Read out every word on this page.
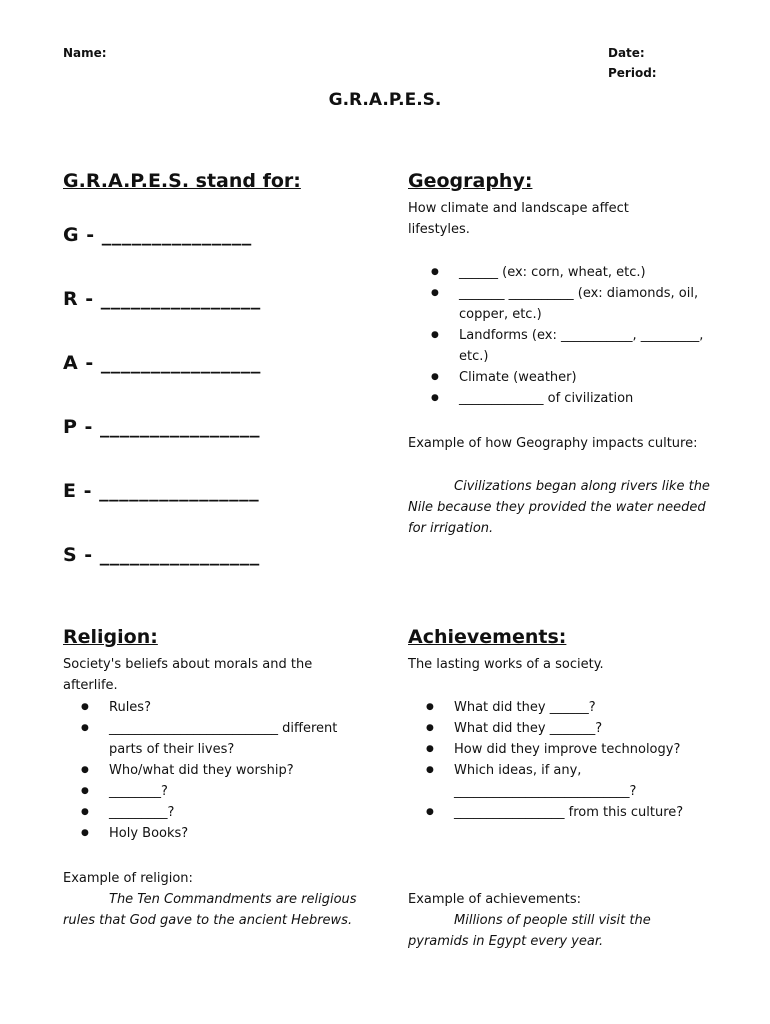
Name:	Date:
Period:
G.R.A.P.E.S.
G.R.A.P.E.S. stand for:
G - _______________
R - ________________
A - ________________
P - ________________
E - ________________
S - ________________
Geography:
How climate and landscape affect lifestyles.
● ______ (ex: corn, wheat, etc.)
● _______ __________ (ex: diamonds, oil, copper, etc.)
● Landforms (ex: ___________, _________, etc.)
● Climate (weather)
● _____________ of civilization
Example of how Geography impacts culture:
Civilizations began along rivers like the Nile because they provided the water needed for irrigation.
Religion:
Society's beliefs about morals and the afterlife.
● Rules?
● __________________________ different parts of their lives?
● Who/what did they worship?
● ________?
● _________?
● Holy Books?
Example of religion:
The Ten Commandments are religious rules that God gave to the ancient Hebrews.
Achievements:
The lasting works of a society.
● What did they ______?
● What did they _______?
● How did they improve technology?
● Which ideas, if any, ___________________________?
● _________________ from this culture?
Example of achievements:
Millions of people still visit the pyramids in Egypt every year.
